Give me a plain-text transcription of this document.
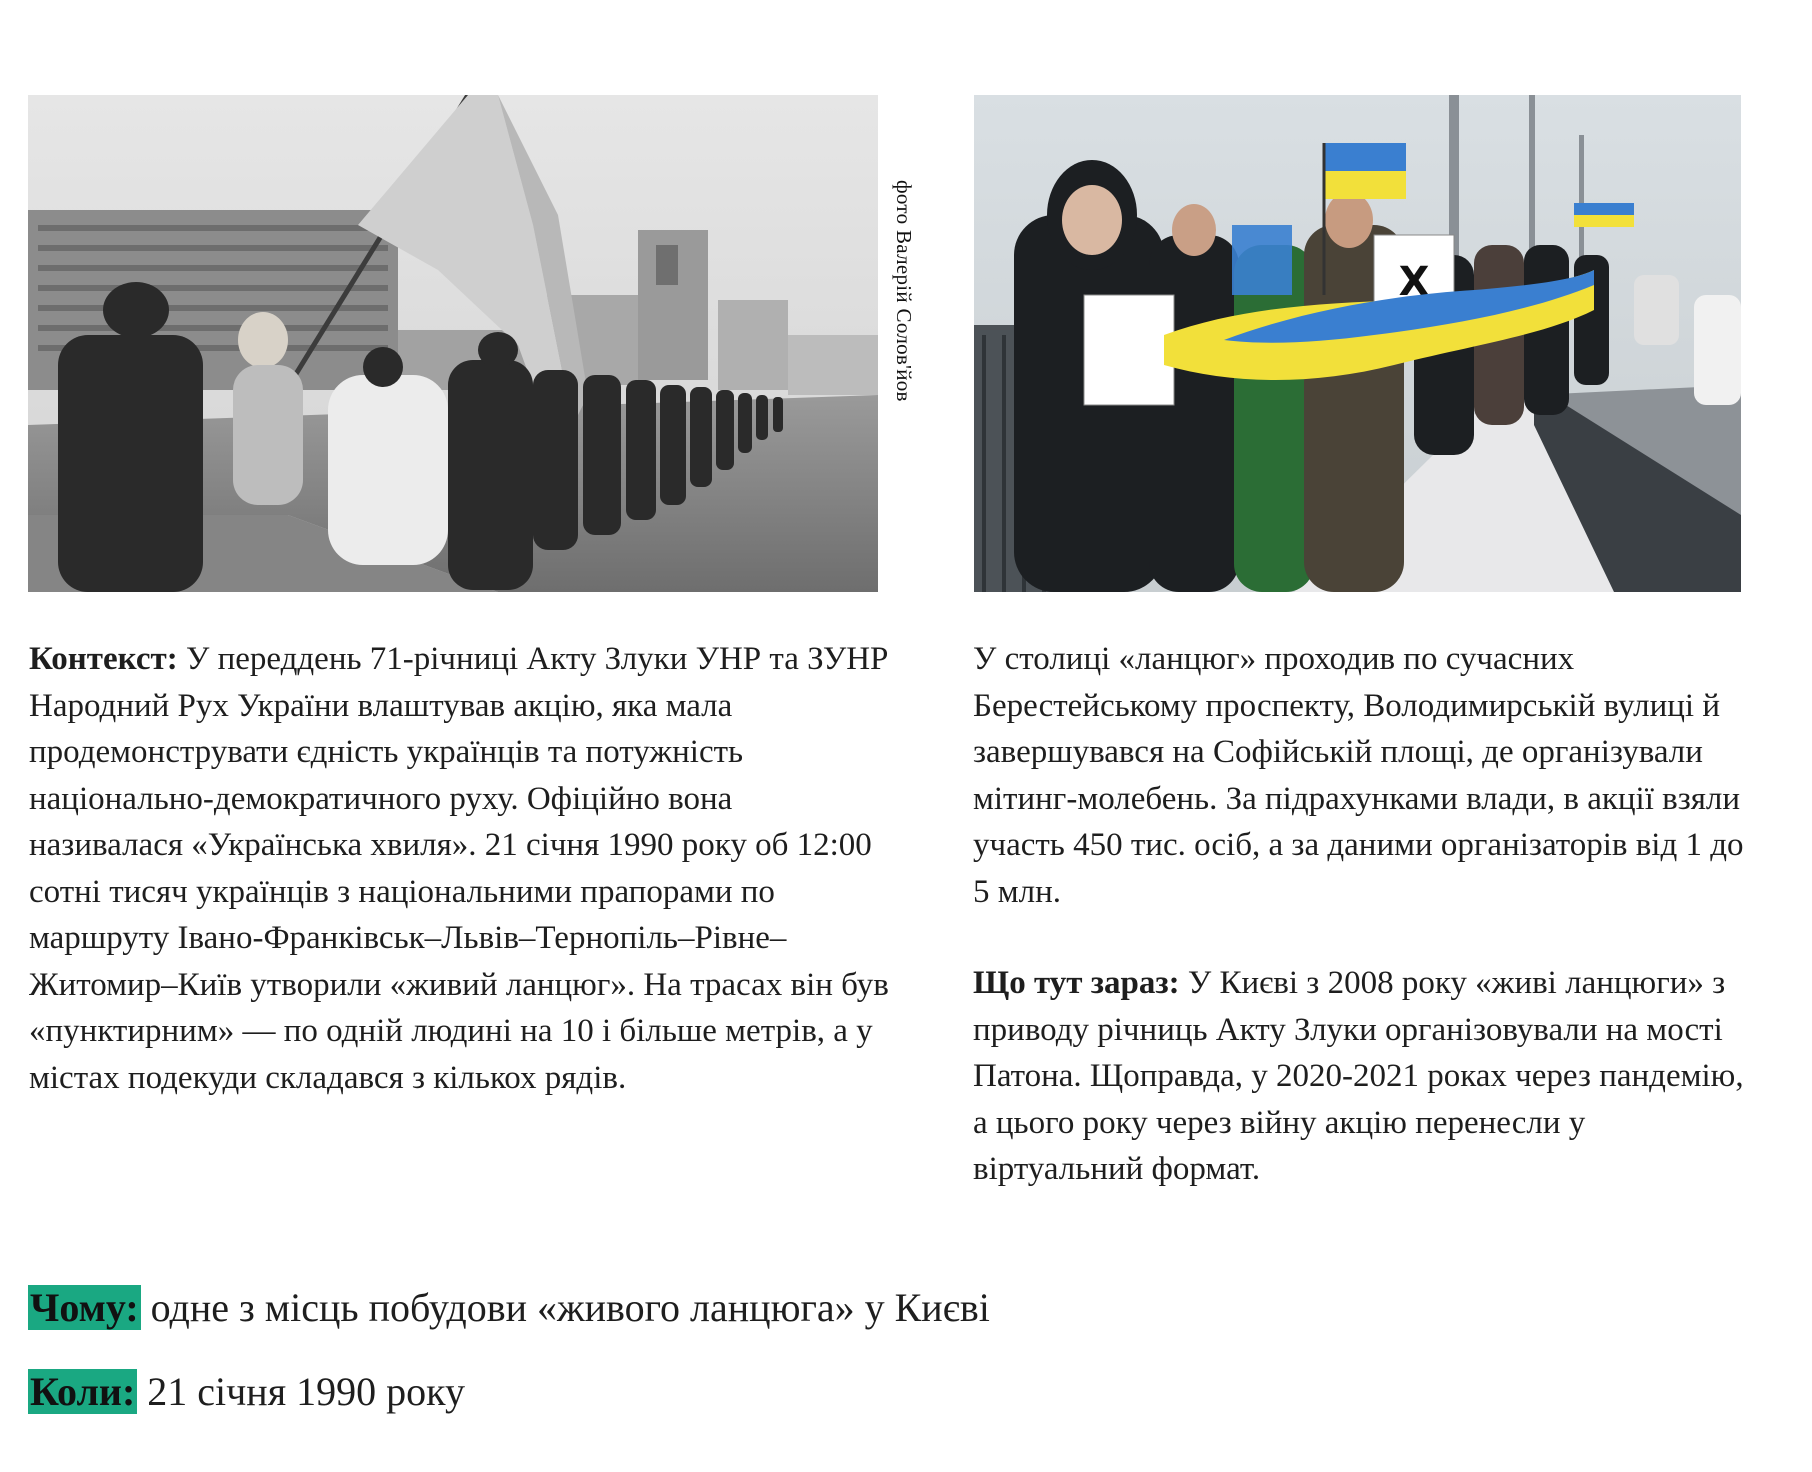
фото Валерій Солов'йов	Х

Контекст: У переддень 71-річниці Акту Злуки УНР та ЗУНР Народний Рух України влаштував акцію, яка мала продемонструвати єдність українців та потужність національно-демократичного руху. Офіційно вона називалася «Українська хвиля». 21 січня 1990 року об 12:00 сотні тисяч українців з національними прапорами по маршруту Івано-Франківськ–Львів–Тернопіль–Рівне–Житомир–Київ утворили «живий ланцюг». На трасах він був «пунктирним» — по одній людині на 10 і більше метрів, а у містах подекуди складався з кількох рядів.

У столиці «ланцюг» проходив по сучасних Берестейському проспекту, Володимирській вулиці й завершувався на Софійській площі, де організували мітинг-молебень. За підрахунками влади, в акції взяли участь 450 тис. осіб, а за даними організаторів від 1 до 5 млн.

Що тут зараз: У Києві з 2008 року «живі ланцюги» з приводу річниць Акту Злуки організовували на мості Патона. Щоправда, у 2020-2021 роках через пандемію, а цього року через війну акцію перенесли у віртуальний формат.

Чому: одне з місць побудови «живого ланцюга» у Києві
Коли: 21 січня 1990 року
